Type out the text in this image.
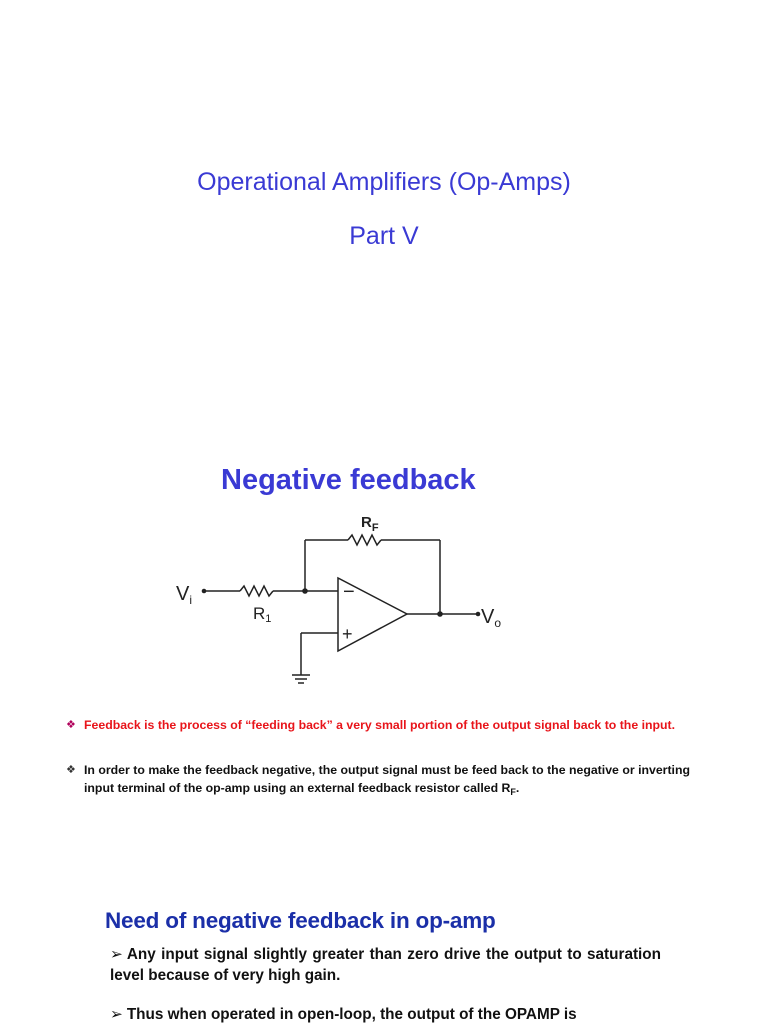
Operational Amplifiers (Op-Amps)
Part V
Negative feedback
$V_i$
R1
$R_F$
$V_o$
−
+

❖ Feedback is the process of “feeding back” a very small portion of the output signal back to the input.

❖ In order to make the feedback negative, the output signal must be feed back to the negative or inverting input terminal of the op-amp using an external feedback resistor called $R_F$.

Need of negative feedback in op-amp

➢ Any input signal slightly greater than zero drive the output to saturation level because of very high gain.

➢ Thus when operated in open-loop, the output of the OPAMP is
